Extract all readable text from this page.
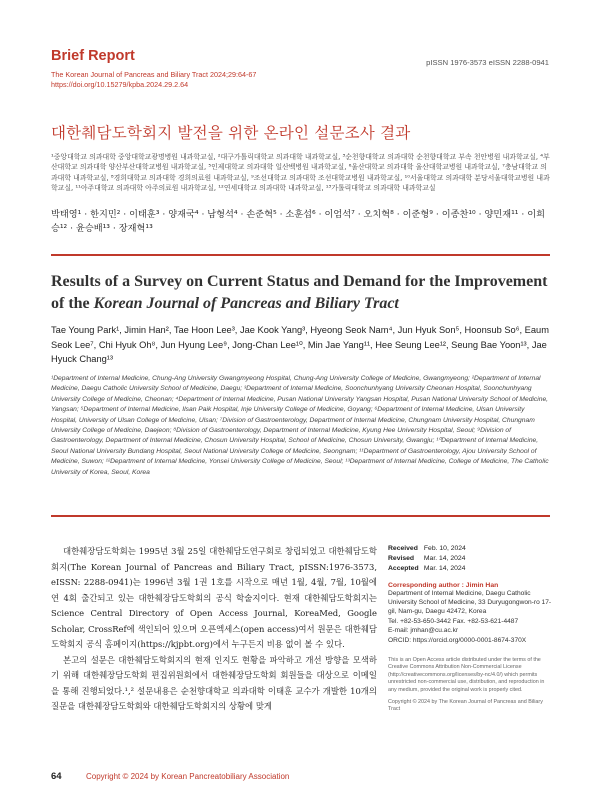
Brief Report
The Korean Journal of Pancreas and Biliary Tract 2024;29:64-67
https://doi.org/10.15279/kpba.2024.29.2.64
pISSN 1976-3573 eISSN 2288-0941
대한췌담도학회지 발전을 위한 온라인 설문조사 결과
¹중앙대학교 의과대학 중앙대학교광명병원 내과학교실, ²대구가톨릭대학교 의과대학 내과학교실, ³순천향대학교 의과대학 순천향대학교 부속 천안병원 내과학교실, ⁴부산대학교 의과대학 양산부산대학교병원 내과학교실, ⁵인제대학교 의과대학 일산백병원 내과학교실, ⁶울산대학교 의과대학 울산대학교병원 내과학교실, ⁷충남대학교 의과대학 내과학교실, ⁸경희대학교 의과대학 경희의료원 내과학교실, ⁹조선대학교 의과대학 조선대학교병원 내과학교실, ¹⁰서울대학교 의과대학 분당서울대학교병원 내과학교실, ¹¹아주대학교 의과대학 아주의료원 내과학교실, ¹²연세대학교 의과대학 내과학교실, ¹³가톨릭대학교 의과대학 내과학교실
박태영¹ · 한지민² · 이태훈³ · 양재국⁴ · 남형석⁴ · 손준혁⁵ · 소훈섭⁶ · 이엄석⁷ · 오치혁⁸ · 이준형⁹ · 이종찬¹⁰ · 양민재¹¹ · 이희승¹² · 윤승배¹³ · 장재혁¹³
Results of a Survey on Current Status and Demand for the Improvement of the Korean Journal of Pancreas and Biliary Tract
Tae Young Park¹, Jimin Han², Tae Hoon Lee³, Jae Kook Yang³, Hyeong Seok Nam⁴, Jun Hyuk Son⁵, Hoonsub So⁶, Eaum Seok Lee⁷, Chi Hyuk Oh⁸, Jun Hyung Lee⁹, Jong-Chan Lee¹⁰, Min Jae Yang¹¹, Hee Seung Lee¹², Seung Bae Yoon¹³, Jae Hyuck Chang¹³
¹Department of Internal Medicine, Chung-Ang University Gwangmyeong Hospital, Chung-Ang University College of Medicine, Gwangmyeong; ²Department of Internal Medicine, Daegu Catholic University School of Medicine, Daegu; ³Department of Internal Medicine, Soonchunhyang University Cheonan Hospital, Soonchunhyang University College of Medicine, Cheonan; ⁴Department of Internal Medicine, Pusan National University Yangsan Hospital, Pusan National University School of Medicine, Yangsan; ⁵Department of Internal Medicine, Ilsan Paik Hospital, Inje University College of Medicine, Goyang; ⁶Department of Internal Medicine, Ulsan University Hospital, University of Ulsan College of Medicine, Ulsan; ⁷Division of Gastroenterology, Department of Internal Medicine, Chungnam University Hospital, Chungnam University College of Medicine, Daejeon; ⁸Division of Gastroenterology, Department of Internal Medicine, Kyung Hee University Hospital, Seoul; ⁹Division of Gastroenterology, Department of Internal Medicine, Chosun University Hospital, School of Medicine, Chosun University, Gwangju; ¹⁰Department of Internal Medicine, Seoul National University Bundang Hospital, Seoul National University College of Medicine, Seongnam; ¹¹Department of Gastroenterology, Ajou University School of Medicine, Suwon; ¹²Department of Internal Medicine, Yonsei University College of Medicine, Seoul; ¹³Department of Internal Medicine, College of Medicine, The Catholic University of Korea, Seoul, Korea

대한췌장담도학회는 1995년 3월 25일 대한췌담도연구회로 창립되었고 대한췌담도학회지(The Korean Journal of Pancreas and Biliary Tract, pISSN:1976-3573, eISSN: 2288-0941)는 1996년 3월 1권 1호를 시작으로 매년 1월, 4월, 7월, 10월에 연 4회 출간되고 있는 대한췌장담도학회의 공식 학술지이다. 현재 대한췌담도학회지는 Science Central Directory of Open Access Journal, KoreaMed, Google Scholar, CrossRef에 색인되어 있으며 오픈엑세스(open access)여서 원문은 대한췌담도학회지 공식 홈페이지(https://kjpbt.org)에서 누구든지 비용 없이 볼 수 있다.

본고의 설문은 대한췌담도학회지의 현재 인지도 현황을 파악하고 개선 방향을 모색하기 위해 대한췌장담도학회 편집위원회에서 대한췌장담도학회 회원들을 대상으로 이메일을 통해 진행되었다.¹,² 설문내용은 순천향대학교 의과대학 이태훈 교수가 개발한 10개의 질문을 대한췌장담도학회와 대한췌담도학회지의 상황에 맞게

Received Feb. 10, 2024
Revised Mar. 14, 2024
Accepted Mar. 14, 2024
Corresponding author : Jimin Han
Department of Internal Medicine, Daegu Catholic University School of Medicine, 33 Duryugongwon-ro 17-gil, Nam-gu, Daegu 42472, Korea
Tel. +82-53-650-3442 Fax. +82-53-621-4487
E-mail: jmhan@cu.ac.kr
ORCID: https://orcid.org/0000-0001-8674-370X
This is an Open Access article distributed under the terms of the Creative Commons Attribution Non-Commercial License (http://creativecommons.org/licenses/by-nc/4.0/) which permits unrestricted non-commercial use, distribution, and reproduction in any medium, provided the original work is properly cited.
Copyright © 2024 by The Korean Journal of Pancreas and Biliary Tract
64	Copyright © 2024 by Korean Pancreatobiliary Association
